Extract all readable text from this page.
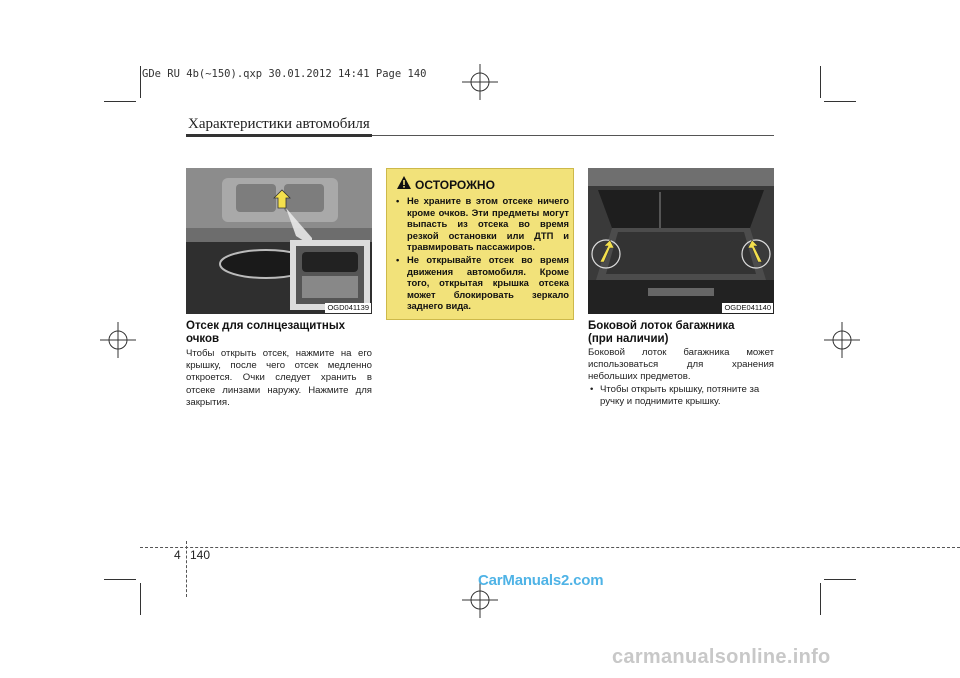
GDe RU 4b(~150).qxp 30.01.2012 14:41 Page 140
Характеристики автомобиля
OGD041139
Отсек для солнцезащитных
очков
Чтобы открыть отсек, нажмите на его крышку, после чего отсек медленно откроется. Очки следует хранить в отсеке линзами наружу. Нажмите для закрытия.
ОСТОРОЖНО
• Не храните в этом отсеке ничего кроме очков. Эти предметы могут выпасть из отсека во время резкой остановки или ДТП и травмировать пассажиров.
• Не открывайте отсек во время движения автомобиля. Кроме того, открытая крышка отсека может блокировать зеркало заднего вида.	OGDE041140
Боковой лоток багажника
(при наличии)
Боковой лоток багажника может использоваться для хранения небольших предметов.
• Чтобы открыть крышку, потяните за ручку и поднимите крышку.
4 140
CarManuals2.com
carmanualsonline.info
